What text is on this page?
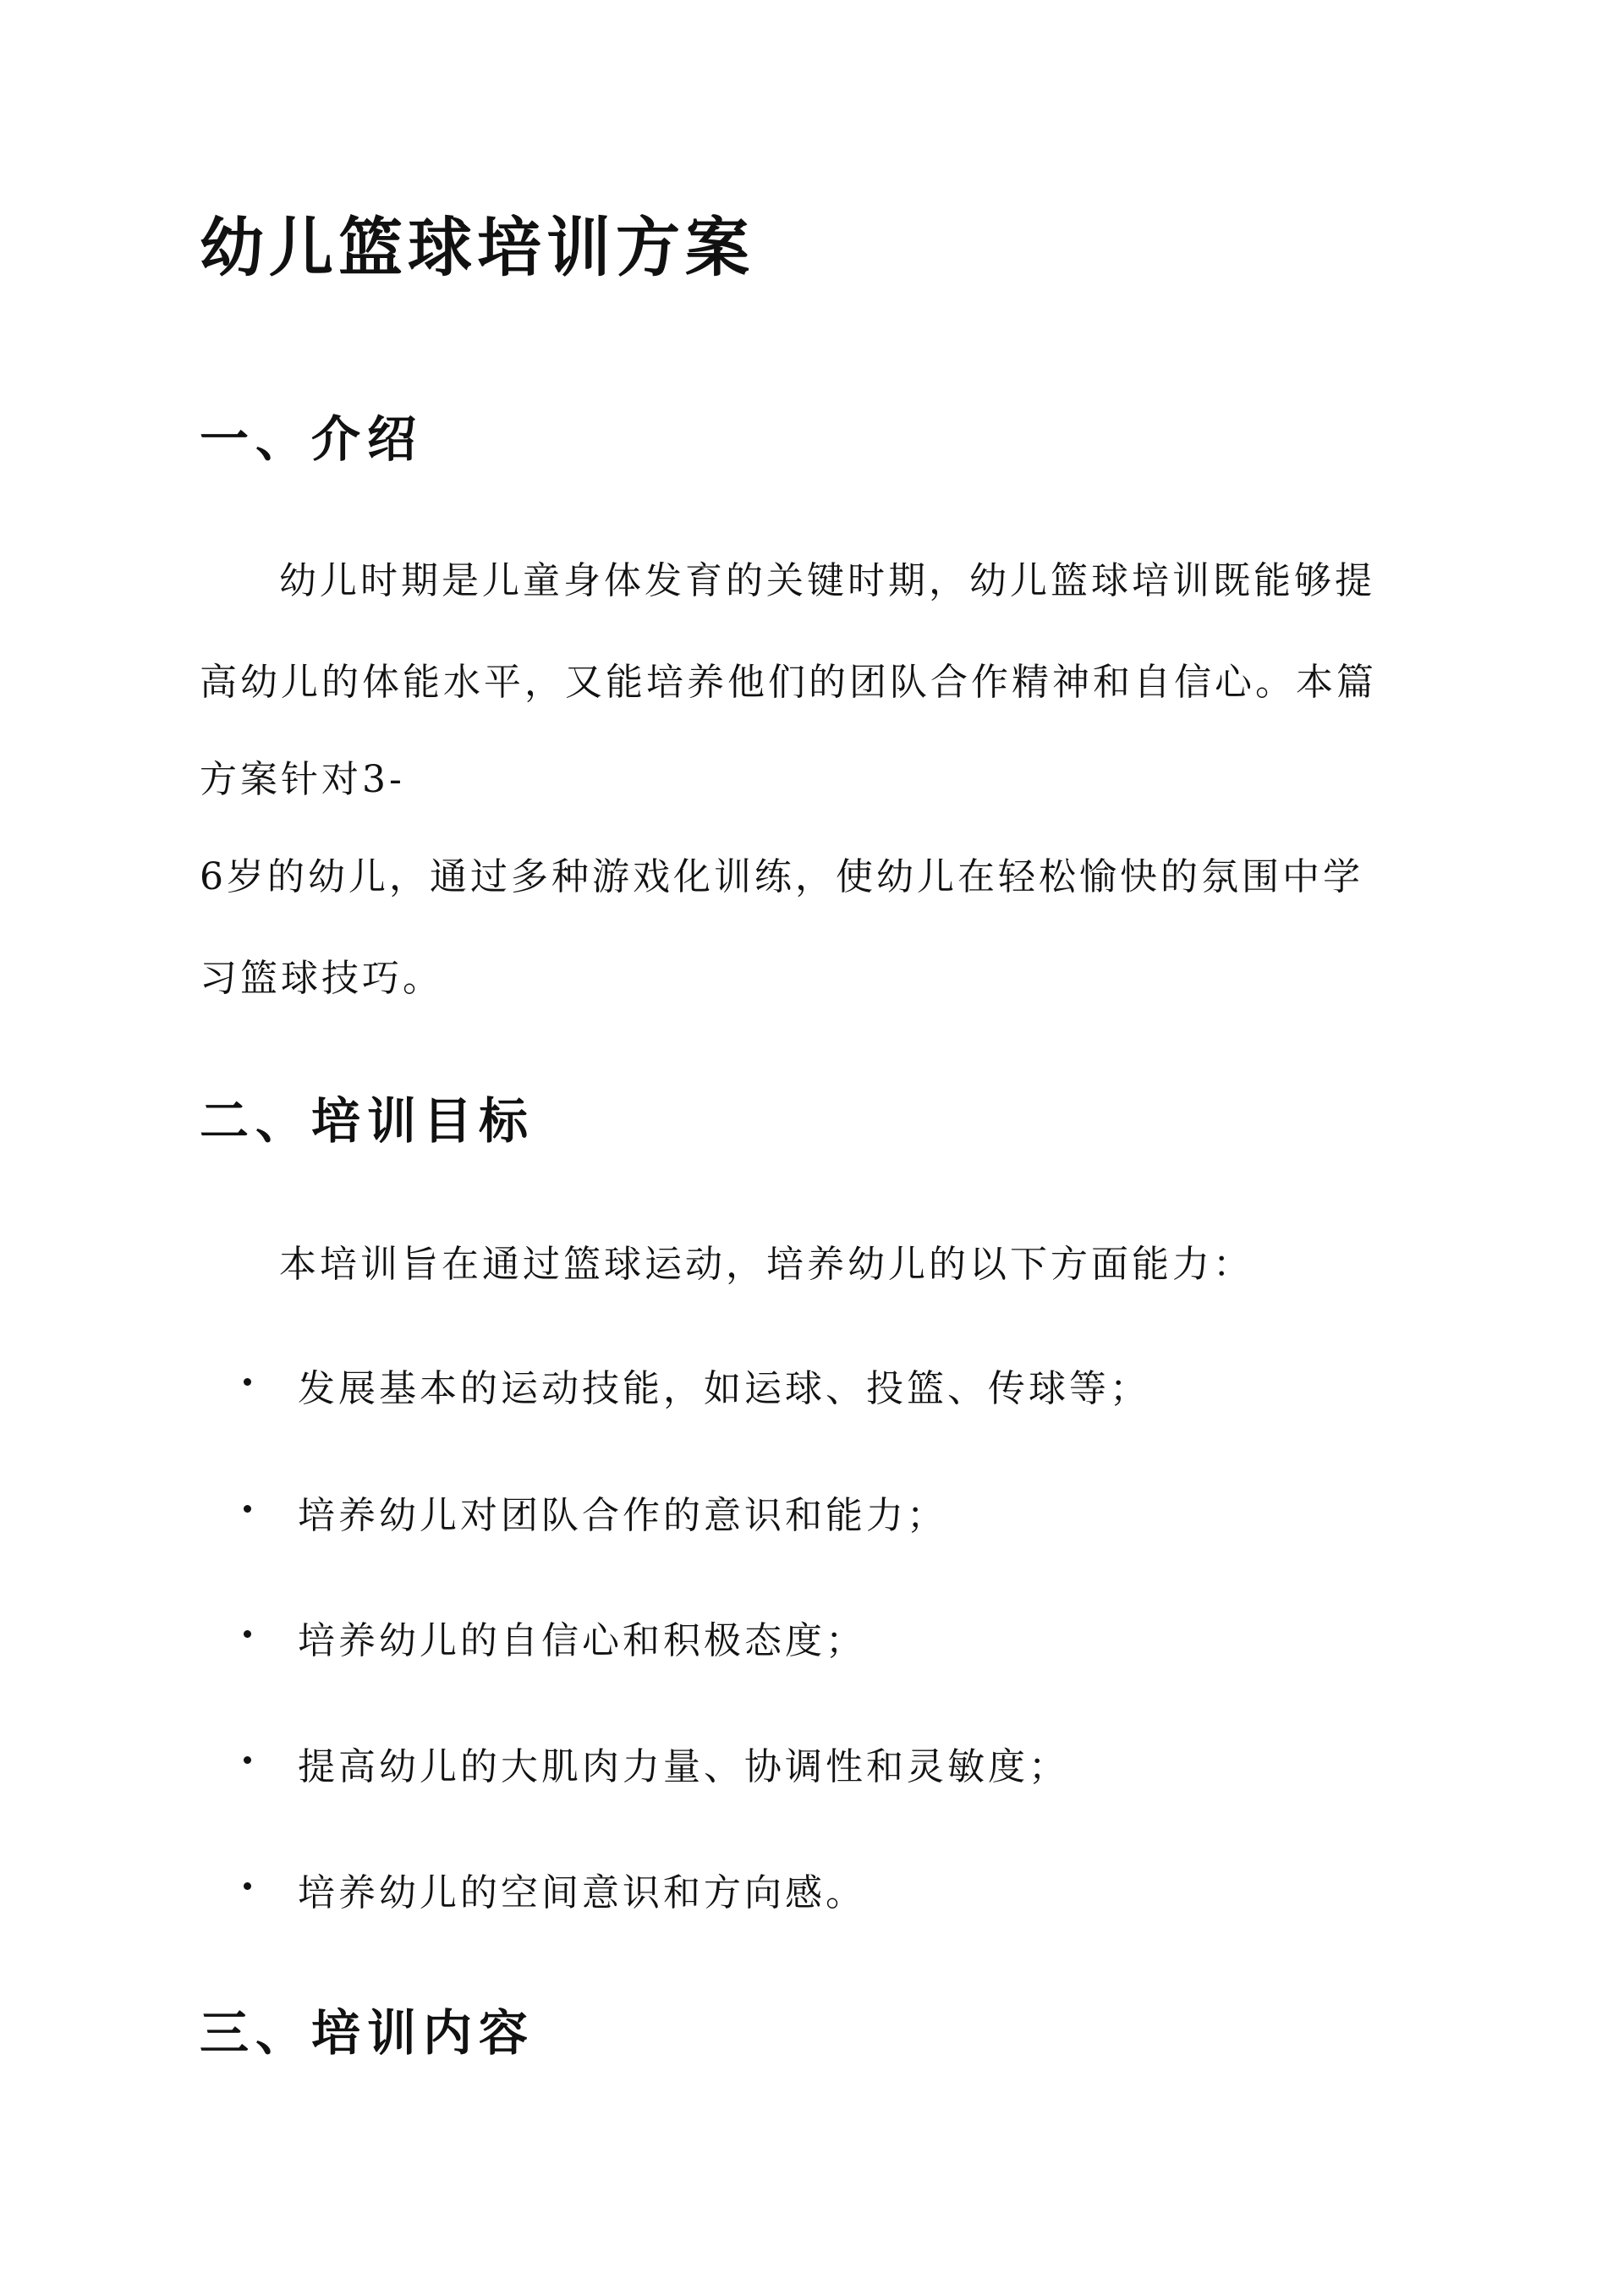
幼儿篮球培训方案
一、介绍

幼儿时期是儿童身体发育的关键时期，幼儿篮球培训既能够提

高幼儿的体能水平，又能培养他们的团队合作精神和自信心。本篇

方案针对3-

6岁的幼儿，通过多种游戏化训练，使幼儿在轻松愉快的氛围中学

习篮球技巧。

二、培训目标

本培训旨在通过篮球运动，培养幼儿的以下方面能力：

发展基本的运动技能，如运球、投篮、传球等；
培养幼儿对团队合作的意识和能力；
培养幼儿的自信心和积极态度；
提高幼儿的大肌肉力量、协调性和灵敏度；
培养幼儿的空间意识和方向感。
三、培训内容
